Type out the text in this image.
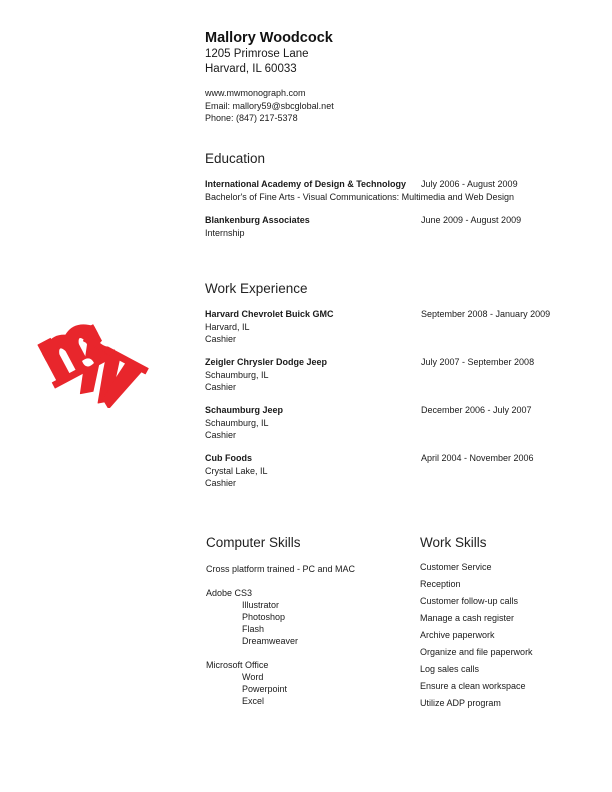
Mallory Woodcock
1205 Primrose Lane
Harvard, IL 60033
www.mwmonograph.com
Email: mallory59@sbcglobal.net
Phone: (847) 217-5378
Education
International Academy of Design & Technology July 2006 - August 2009
Bachelor's of Fine Arts - Visual Communications: Multimedia and Web Design
Blankenburg Associates	June 2009 - August 2009
Internship
Work Experience
Harvard Chevrolet Buick GMC	September 2008 - January 2009
Harvard, IL
Cashier
Zeigler Chrysler Dodge Jeep	July 2007 - September 2008
Schaumburg, IL
Cashier
Schaumburg Jeep	December 2006 - July 2007
Schaumburg, IL
Cashier
Cub Foods	April 2004 - November 2006
Crystal Lake, IL
Cashier
Computer Skills
Cross platform trained - PC and MAC
Adobe CS3
Illustrator
Photoshop
Flash
Dreamweaver
Microsoft Office
Word
Powerpoint
Excel
Work Skills
Customer Service
Reception
Customer follow-up calls
Manage a cash register
Archive paperwork
Organize and file paperwork
Log sales calls
Ensure a clean workspace
Utilize ADP program
